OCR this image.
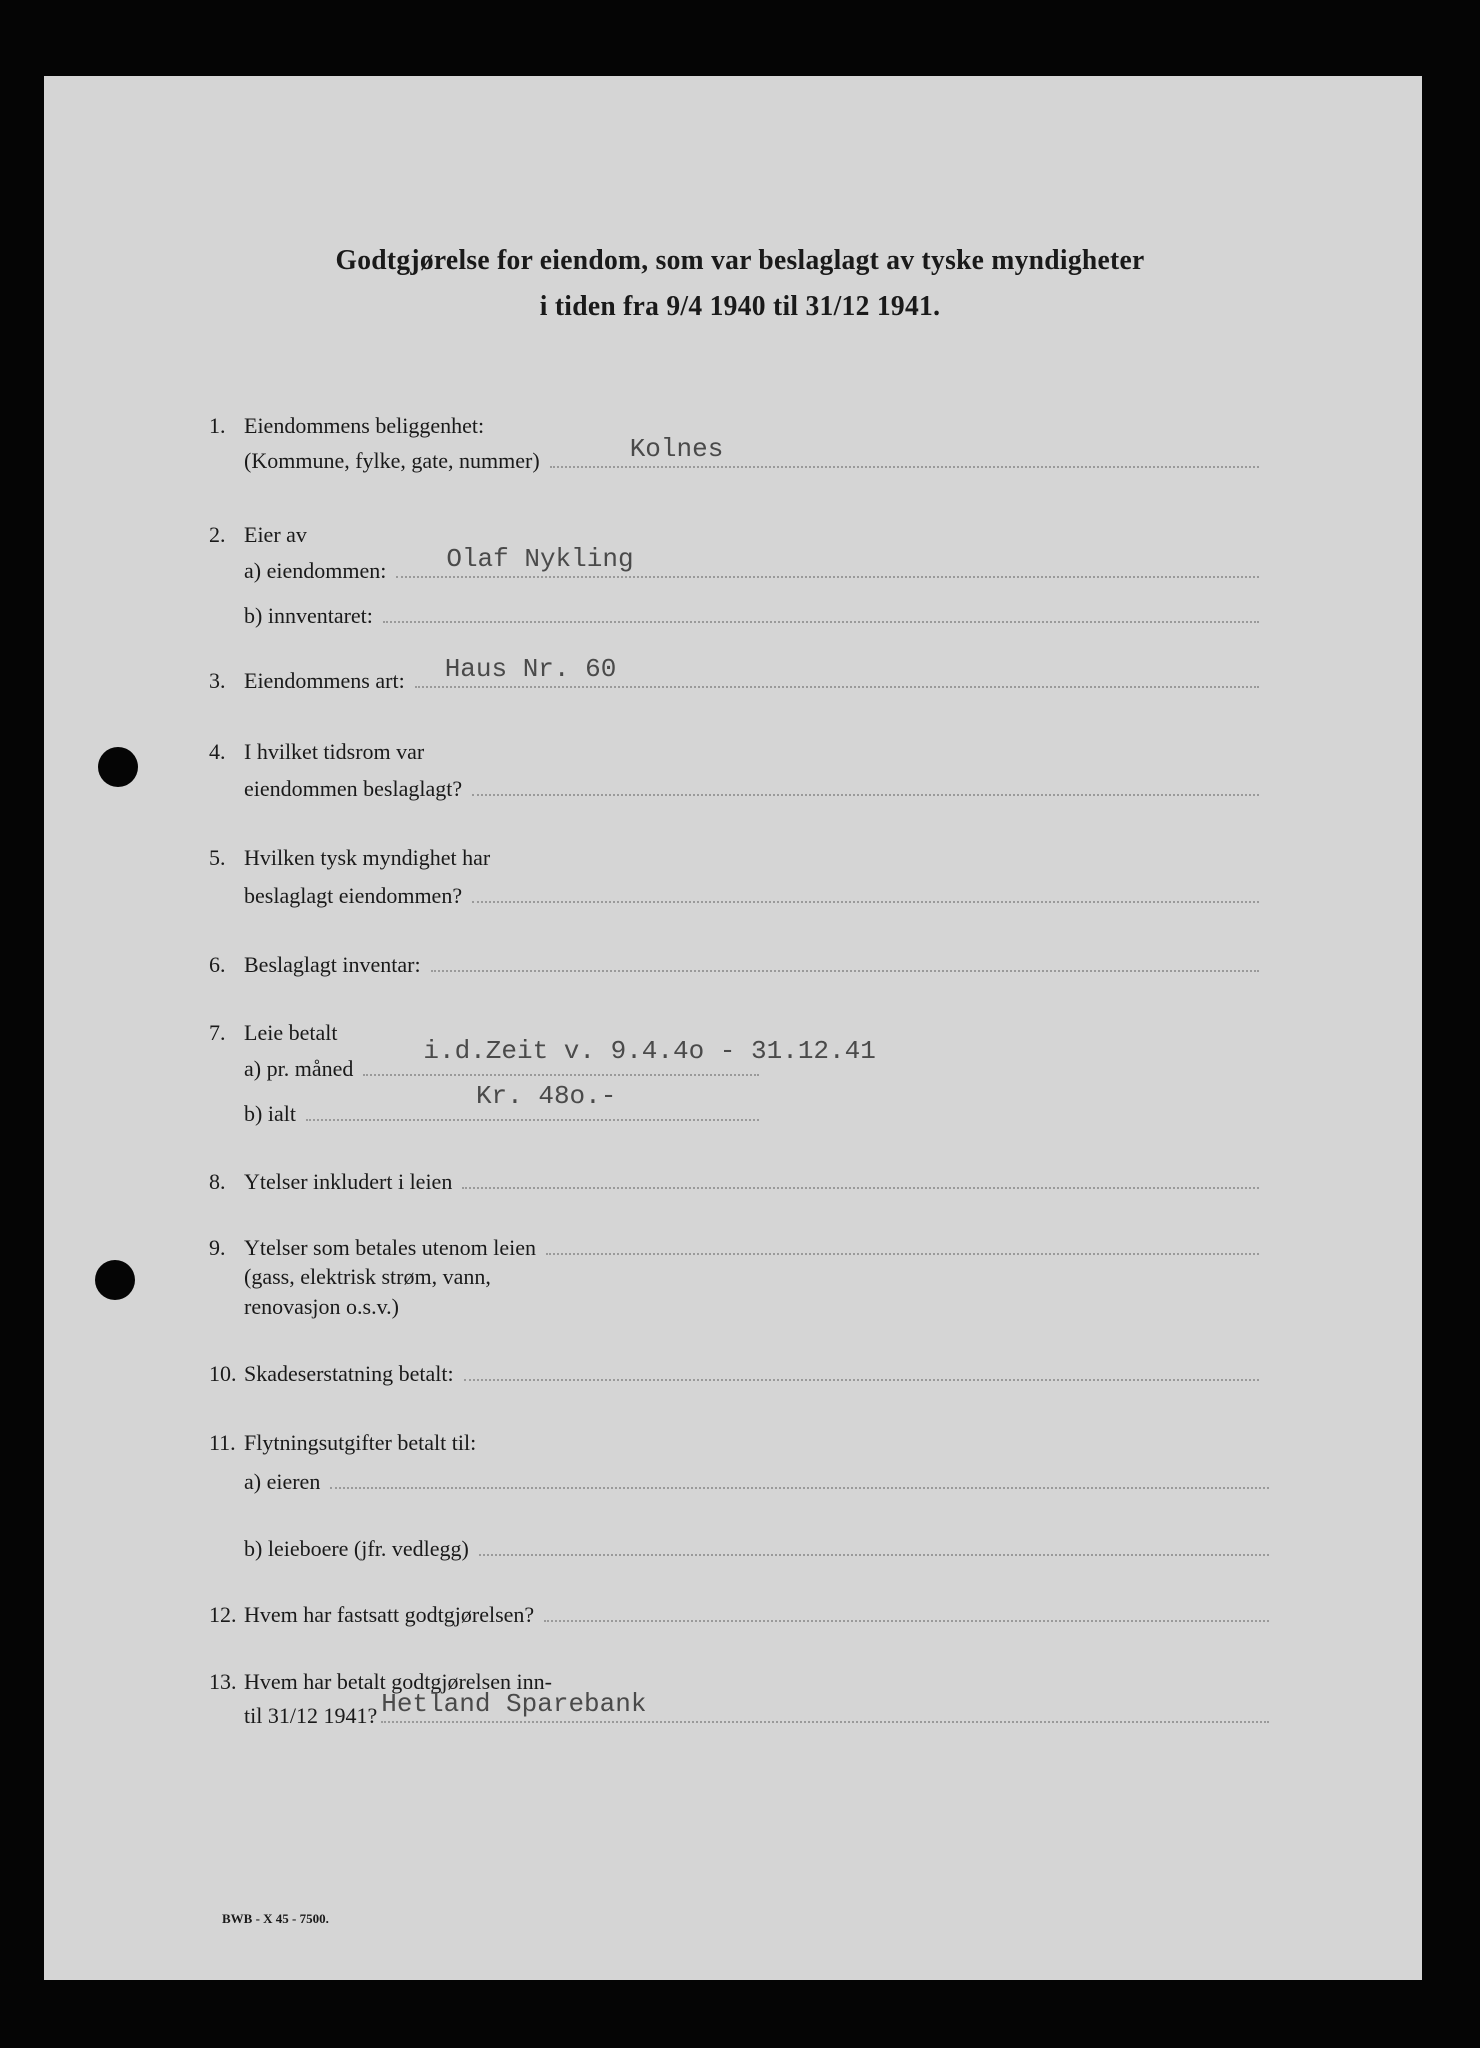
Godtgjørelse for eiendom, som var beslaglagt av tyske myndigheter
i tiden fra 9/4 1940 til 31/12 1941.
1. Eiendommens beliggenhet:
(Kommune, fylke, gate, nummer)	Kolnes
2. Eier av
a) eiendommen: Olaf Nykling
b) innventaret:
3. Eiendommens art: Haus Nr. 60
4. I hvilket tidsrom var
eiendommen beslaglagt?
5. Hvilken tysk myndighet har
beslaglagt eiendommen?
6. Beslaglagt inventar:
7. Leie betalt
a) pr. måned
i.d.Zeit v. 9.4.4o - 31.12.41
b) ialt
Kr. 48o.-
8. Ytelser inkludert i leien
9. Ytelser som betales utenom leien
(gass, elektrisk strøm, vann,
renovasjon o.s.v.)
10. Skadeserstatning betalt:
11. Flytningsutgifter betalt til:
a) eieren
b) leieboere (jfr. vedlegg)
12. Hvem har fastsatt godtgjørelsen?
13. Hvem har betalt godtgjørelsen inn-
til 31/12 1941? Hetland Sparebank
BWB - X 45 - 7500.
